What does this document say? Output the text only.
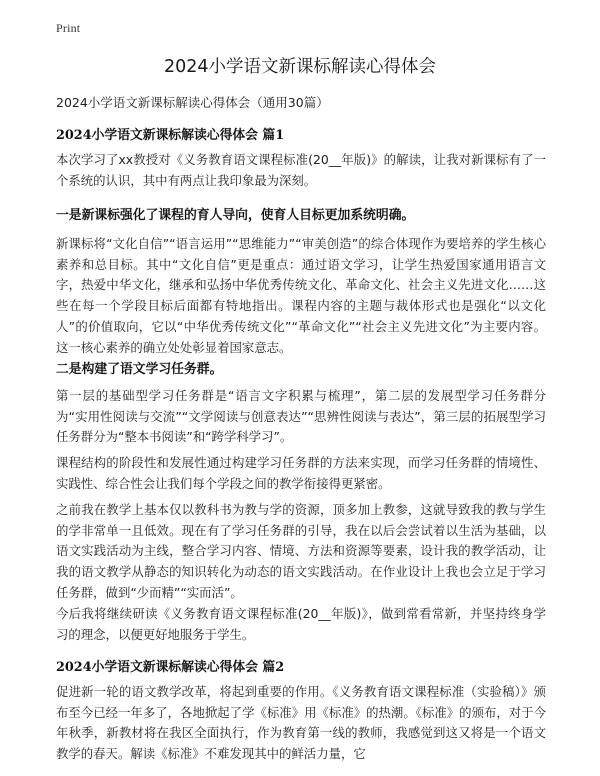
Print
2024小学语文新课标解读心得体会
2024小学语文新课标解读心得体会（通用30篇）
2024小学语文新课标解读心得体会 篇1

本次学习了xx教授对《义务教育语文课程标准(20__年版)》的解读，让我对新课标有了一个系统的认识，其中有两点让我印象最为深刻。

一是新课标强化了课程的育人导向，使育人目标更加系统明确。

新课标将“文化自信”“语言运用”“思维能力”“审美创造”的综合体现作为要培养的学生核心素养和总目标。其中“文化自信”更是重点：通过语文学习，让学生热爱国家通用语言文字，热爱中华文化，继承和弘扬中华优秀传统文化、革命文化、社会主义先进文化……这些在每一个学段目标后面都有特地指出。课程内容的主题与裁体形式也是强化“以文化人”的价值取向，它以“中华优秀传统文化”“革命文化”“社会主义先进文化”为主要内容。这一核心素养的确立处处彰显着国家意志。

二是构建了语文学习任务群。

第一层的基础型学习任务群是“语言文字积累与梳理”，第二层的发展型学习任务群分为“实用性阅读与交流”“文学阅读与创意表达”“思辨性阅读与表达”，第三层的拓展型学习任务群分为“整本书阅读”和“跨学科学习”。

课程结构的阶段性和发展性通过构建学习任务群的方法来实现，而学习任务群的情境性、实践性、综合性会让我们每个学段之间的教学衔接得更紧密。

之前我在教学上基本仅以教科书为教与学的资源，顶多加上教参，这就导致我的教与学生的学非常单一且低效。现在有了学习任务群的引导，我在以后会尝试着以生活为基础，以语文实践活动为主线，整合学习内容、情境、方法和资源等要素，设计我的教学活动，让我的语文教学从静态的知识转化为动态的语文实践活动。在作业设计上我也会立足于学习任务群，做到“少而精”“实而活”。

今后我将继续研读《义务教育语文课程标准(20__年版)》，做到常看常新，并坚持终身学习的理念，以便更好地服务于学生。

2024小学语文新课标解读心得体会 篇2

促进新一轮的语文教学改革，将起到重要的作用。《义务教育语文课程标准（实验稿）》颁布至今已经一年多了，各地掀起了学《标准》用《标准》的热潮。《标准》的颁布，对于今年秋季，新教材将在我区全面执行，作为教育第一线的教师，我感觉到这又将是一个语文教学的春天。解读《标准》不难发现其中的鲜活力量，它
